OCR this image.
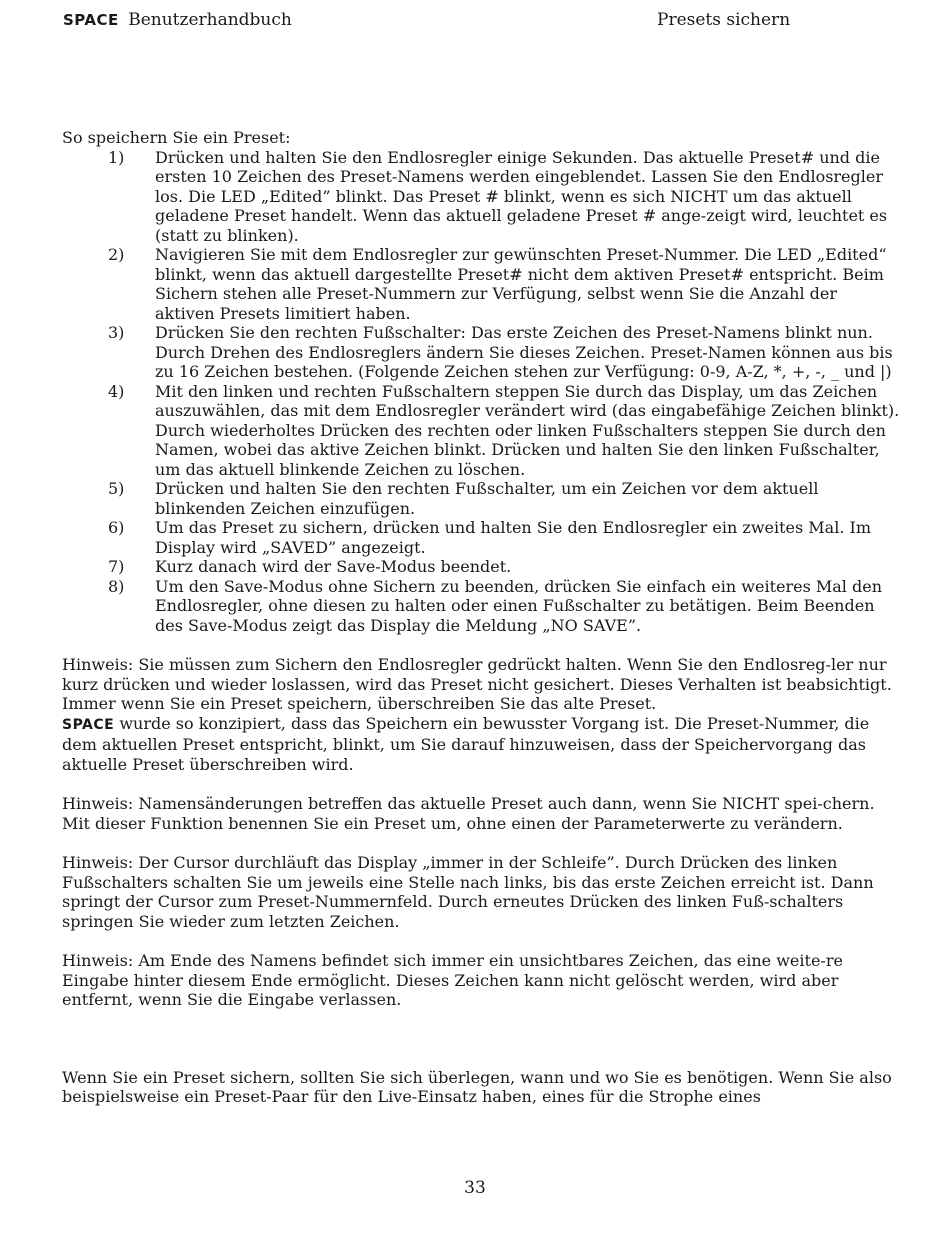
SPACE Benutzerhandbuch	Presets sichern

So speichern Sie ein Preset:

1) Drücken und halten Sie den Endlosregler einige Sekunden. Das aktuelle Preset# und die ersten 10 Zeichen des Preset-Namens werden eingeblendet. Lassen Sie den Endlosregler los. Die LED „Edited” blinkt. Das Preset # blinkt, wenn es sich NICHT um das aktuell geladene Preset handelt. Wenn das aktuell geladene Preset # ange-zeigt wird, leuchtet es (statt zu blinken).
2) Navigieren Sie mit dem Endlosregler zur gewünschten Preset-Nummer. Die LED „Edited“ blinkt, wenn das aktuell dargestellte Preset# nicht dem aktiven Preset# entspricht. Beim Sichern stehen alle Preset-Nummern zur Verfügung, selbst wenn Sie die Anzahl der aktiven Presets limitiert haben.
3) Drücken Sie den rechten Fußschalter: Das erste Zeichen des Preset-Namens blinkt nun. Durch Drehen des Endlosreglers ändern Sie dieses Zeichen. Preset-Namen können aus bis zu 16 Zeichen bestehen. (Folgende Zeichen stehen zur Verfügung: 0-9, A-Z, *, +, -, _ und |)
4) Mit den linken und rechten Fußschaltern steppen Sie durch das Display, um das Zeichen auszuwählen, das mit dem Endlosregler verändert wird (das eingabefähige Zeichen blinkt). Durch wiederholtes Drücken des rechten oder linken Fußschalters steppen Sie durch den Namen, wobei das aktive Zeichen blinkt. Drücken und halten Sie den linken Fußschalter, um das aktuell blinkende Zeichen zu löschen.
5) Drücken und halten Sie den rechten Fußschalter, um ein Zeichen vor dem aktuell blinkenden Zeichen einzufügen.
6) Um das Preset zu sichern, drücken und halten Sie den Endlosregler ein zweites Mal. Im Display wird „SAVED” angezeigt.
7) Kurz danach wird der Save-Modus beendet.
8) Um den Save-Modus ohne Sichern zu beenden, drücken Sie einfach ein weiteres Mal den Endlosregler, ohne diesen zu halten oder einen Fußschalter zu betätigen. Beim Beenden des Save-Modus zeigt das Display die Meldung „NO SAVE”.

Hinweis: Sie müssen zum Sichern den Endlosregler gedrückt halten. Wenn Sie den Endlosreg-ler nur kurz drücken und wieder loslassen, wird das Preset nicht gesichert. Dieses Verhalten ist beabsichtigt. Immer wenn Sie ein Preset speichern, überschreiben Sie das alte Preset.
SPACE wurde so konzipiert, dass das Speichern ein bewusster Vorgang ist. Die Preset-Nummer, die dem aktuellen Preset entspricht, blinkt, um Sie darauf hinzuweisen, dass der Speichervorgang das aktuelle Preset überschreiben wird.

Hinweis: Namensänderungen betreffen das aktuelle Preset auch dann, wenn Sie NICHT spei-chern. Mit dieser Funktion benennen Sie ein Preset um, ohne einen der Parameterwerte zu verändern.

Hinweis: Der Cursor durchläuft das Display „immer in der Schleife”. Durch Drücken des linken Fußschalters schalten Sie um jeweils eine Stelle nach links, bis das erste Zeichen erreicht ist. Dann springt der Cursor zum Preset-Nummernfeld. Durch erneutes Drücken des linken Fuß-schalters springen Sie wieder zum letzten Zeichen.

Hinweis: Am Ende des Namens befindet sich immer ein unsichtbares Zeichen, das eine weite-re Eingabe hinter diesem Ende ermöglicht. Dieses Zeichen kann nicht gelöscht werden, wird aber entfernt, wenn Sie die Eingabe verlassen.

Wenn Sie ein Preset sichern, sollten Sie sich überlegen, wann und wo Sie es benötigen. Wenn Sie also beispielsweise ein Preset-Paar für den Live-Einsatz haben, eines für die Strophe eines

33
